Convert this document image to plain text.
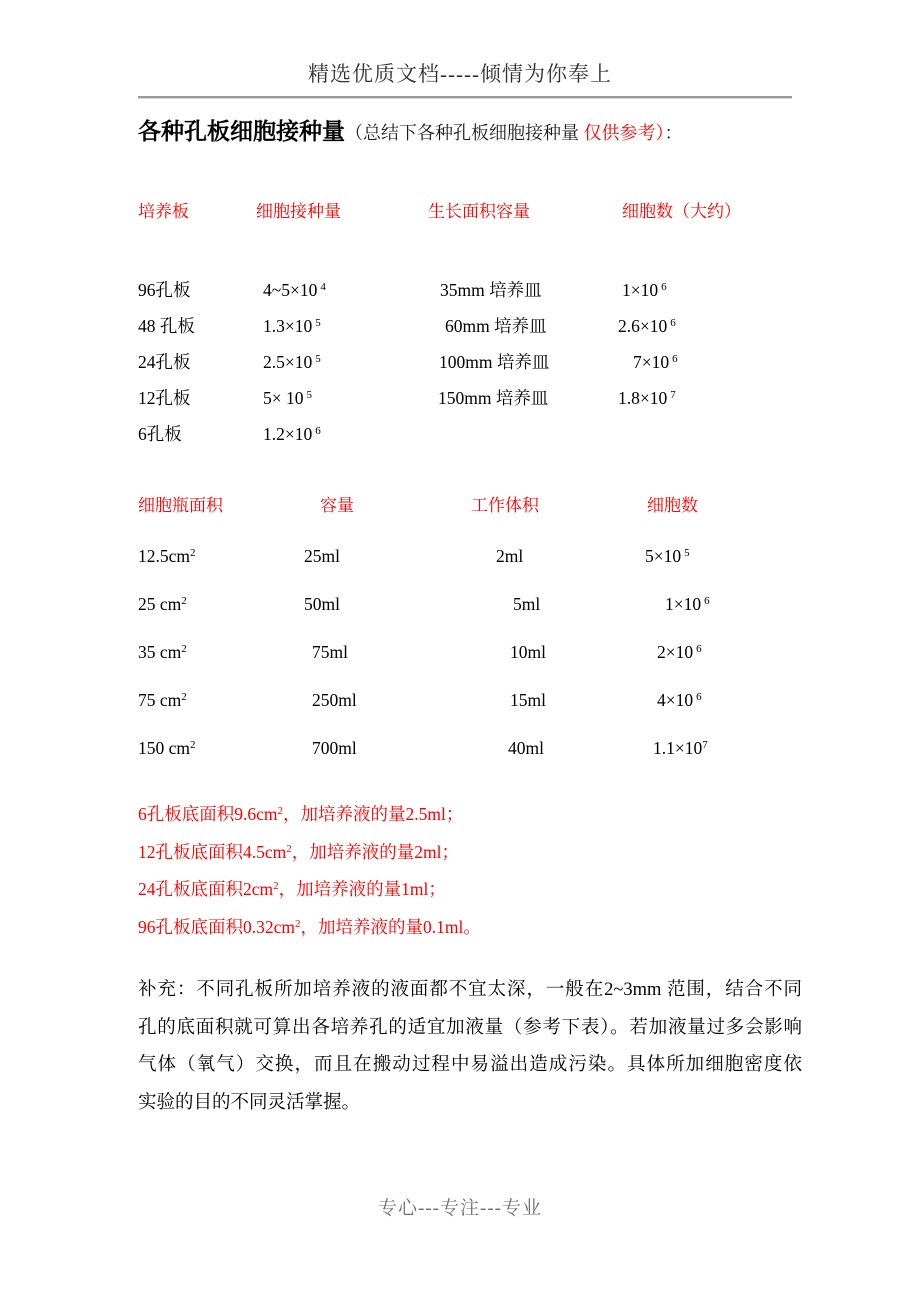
精选优质文档-----倾情为你奉上
各种孔板细胞接种量（总结下各种孔板细胞接种量 仅供参考）：
培养板	细胞接种量	生长面积容量	细胞数（大约）
96孔板	4~5×10 $^4$	35mm 培养皿	1×10 $^6$
48 孔板	1.3×10 $^5$	60mm 培养皿	2.6×10 $^6$
24孔板	2.5×10 $^5$	100mm 培养皿	7×10 $^6$
12孔板	5× 10 $^5$	150mm 培养皿	1.8×10 $^7$
6孔板	1.2×10 $^6$
细胞瓶面积	容量	工作体积	细胞数
$12.5cm^2$	25ml	2ml	5×10 $^5$
25 $cm^2$	50ml	5ml	1×10 $^6$
35 $cm^2$	75ml	10ml	2×10 $^6$
75 $cm^2$	250ml	15ml	4×10 $^6$
150 $cm^2$	700ml	40ml	$1.1\times 10^7$
6孔板底面积$9.6cm^2$，加培养液的量2.5ml；
12孔板底面积$4.5cm^2$，加培养液的量2ml；
24孔板底面积$2cm^2$，加培养液的量1ml；
96孔板底面积$0.32cm^2$，加培养液的量0.1ml。
补充：不同孔板所加培养液的液面都不宜太深，一般在2~3mm 范围，结合不同
孔的底面积就可算出各培养孔的适宜加液量（参考下表）。若加液量过多会影响
气体（氧气）交换，而且在搬动过程中易溢出造成污染。具体所加细胞密度依
实验的目的不同灵活掌握。
专心---专注---专业
